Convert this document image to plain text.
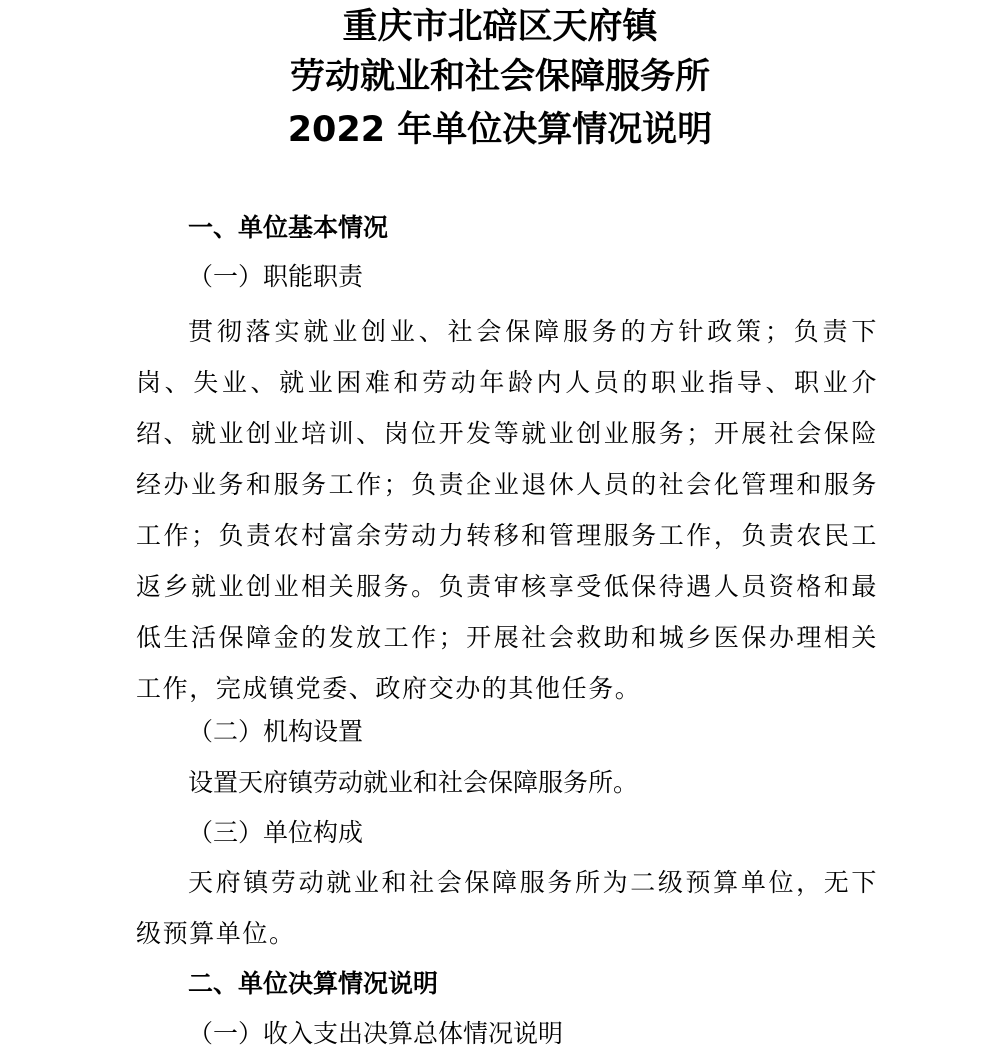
重庆市北碚区天府镇
劳动就业和社会保障服务所
2022 年单位决算情况说明
一、单位基本情况
（一）职能职责
贯彻落实就业创业、社会保障服务的方针政策；负责下岗、失业、就业困难和劳动年龄内人员的职业指导、职业介绍、就业创业培训、岗位开发等就业创业服务；开展社会保险经办业务和服务工作；负责企业退休人员的社会化管理和服务工作；负责农村富余劳动力转移和管理服务工作，负责农民工返乡就业创业相关服务。负责审核享受低保待遇人员资格和最低生活保障金的发放工作；开展社会救助和城乡医保办理相关工作，完成镇党委、政府交办的其他任务。
（二）机构设置
设置天府镇劳动就业和社会保障服务所。
（三）单位构成
天府镇劳动就业和社会保障服务所为二级预算单位，无下级预算单位。
二、单位决算情况说明
（一）收入支出决算总体情况说明
